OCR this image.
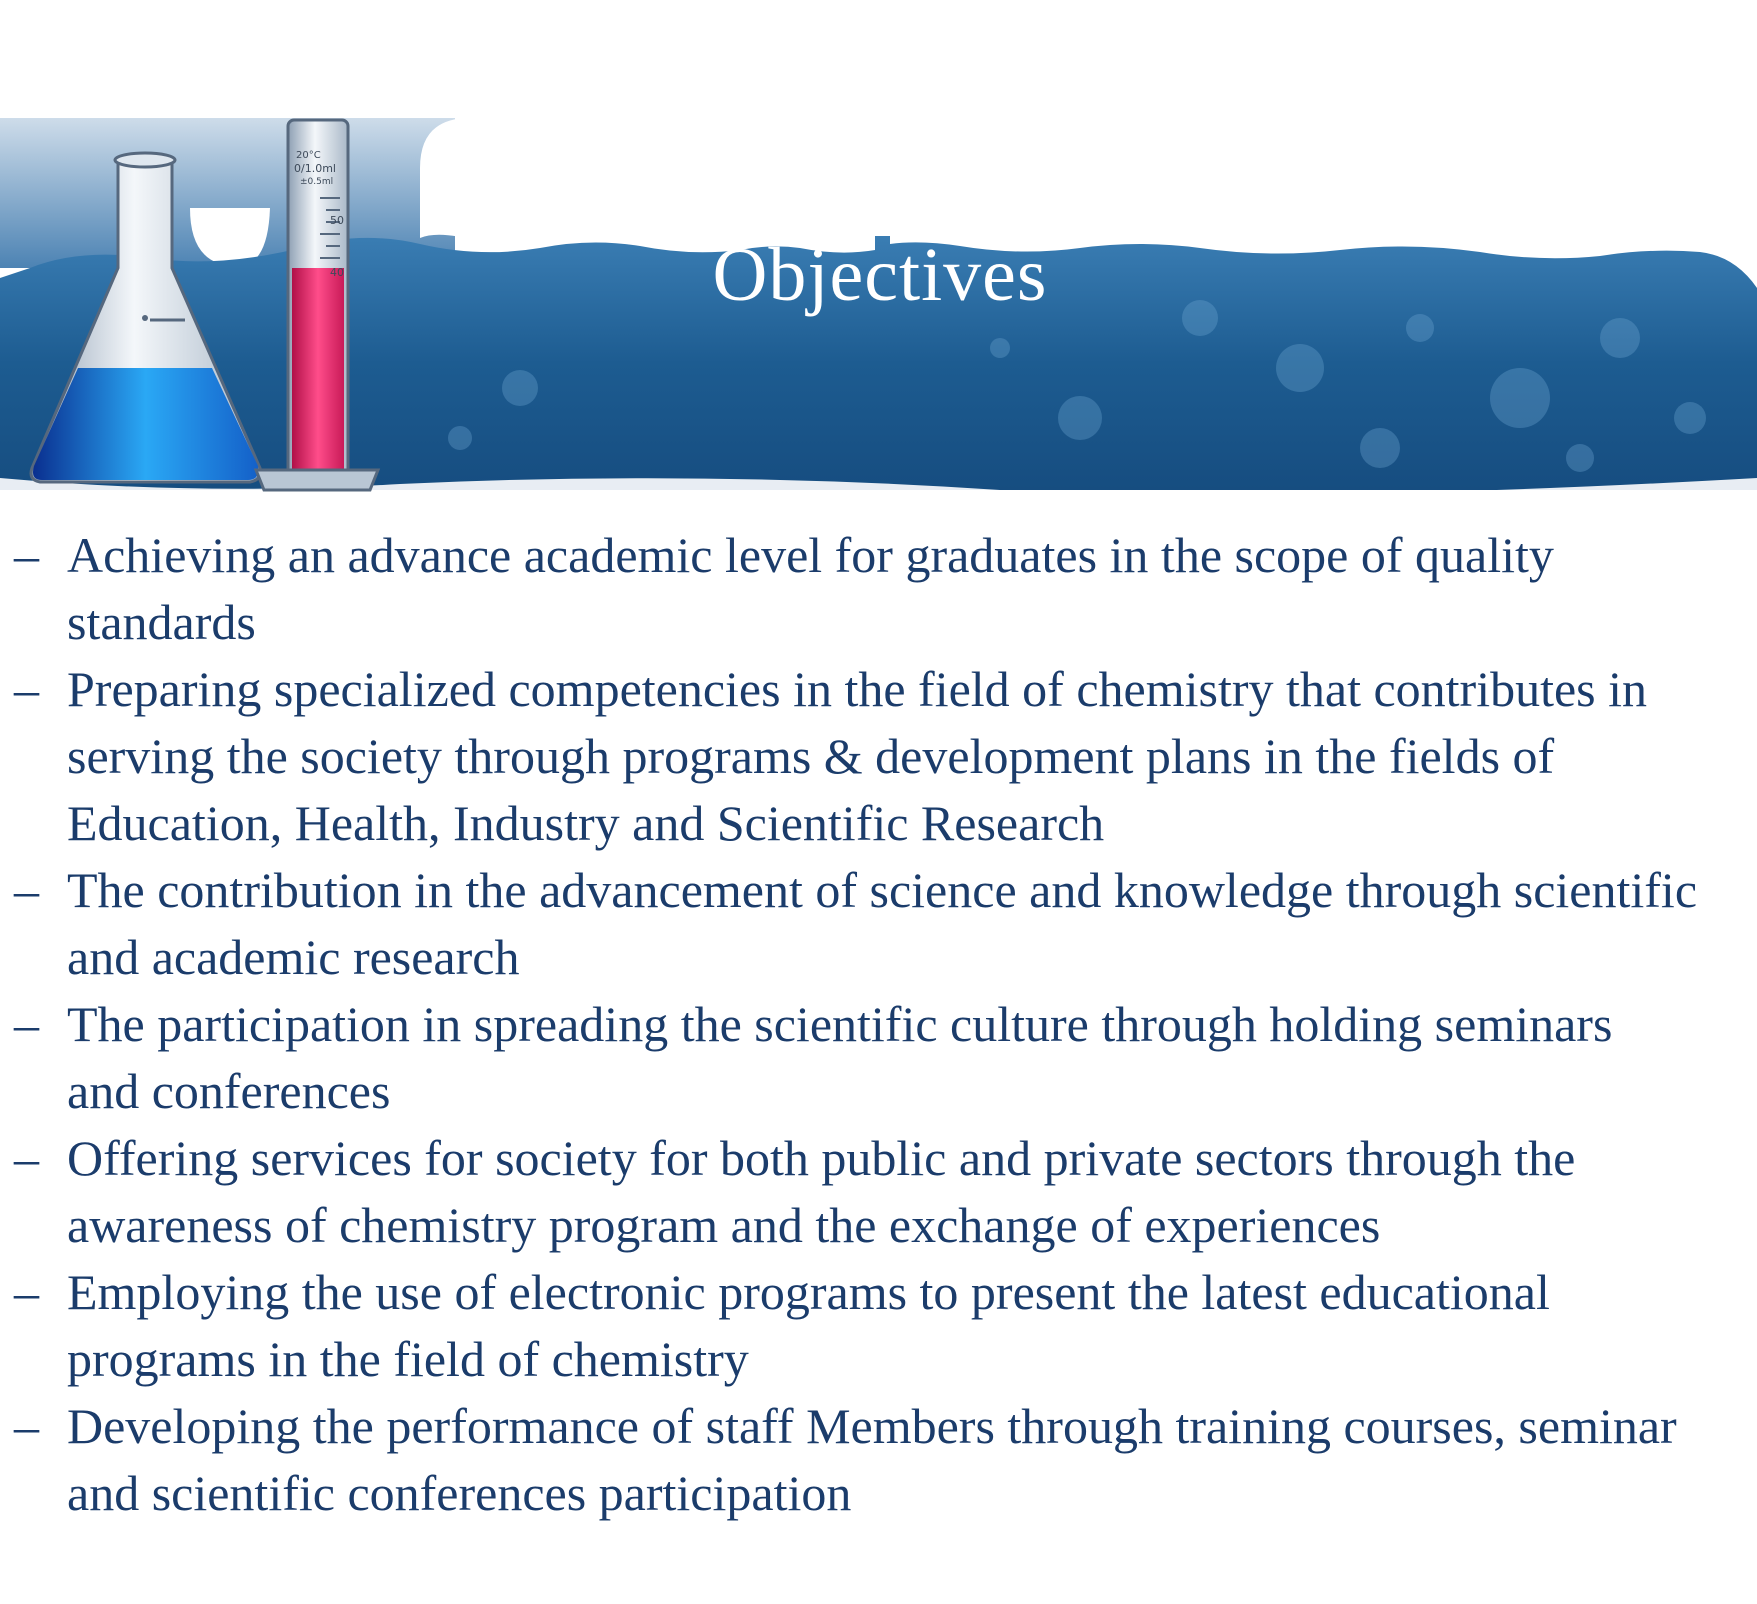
20°C
0/1.0ml
±0.5ml
50
40	Objectives
– Achieving an advance academic level for graduates in the scope of quality standards
– Preparing specialized competencies in the field of chemistry that contributes in serving the society through programs & development plans in the fields of Education, Health, Industry and Scientific Research
– The contribution in the advancement of science and knowledge through scientific and academic research
– The participation in spreading the scientific culture through holding seminars and conferences
– Offering services for society for both public and private sectors through the awareness of chemistry program and the exchange of experiences
– Employing the use of electronic programs to present the latest educational programs in the field of chemistry
– Developing the performance of staff Members through training courses, seminar and scientific conferences participation
